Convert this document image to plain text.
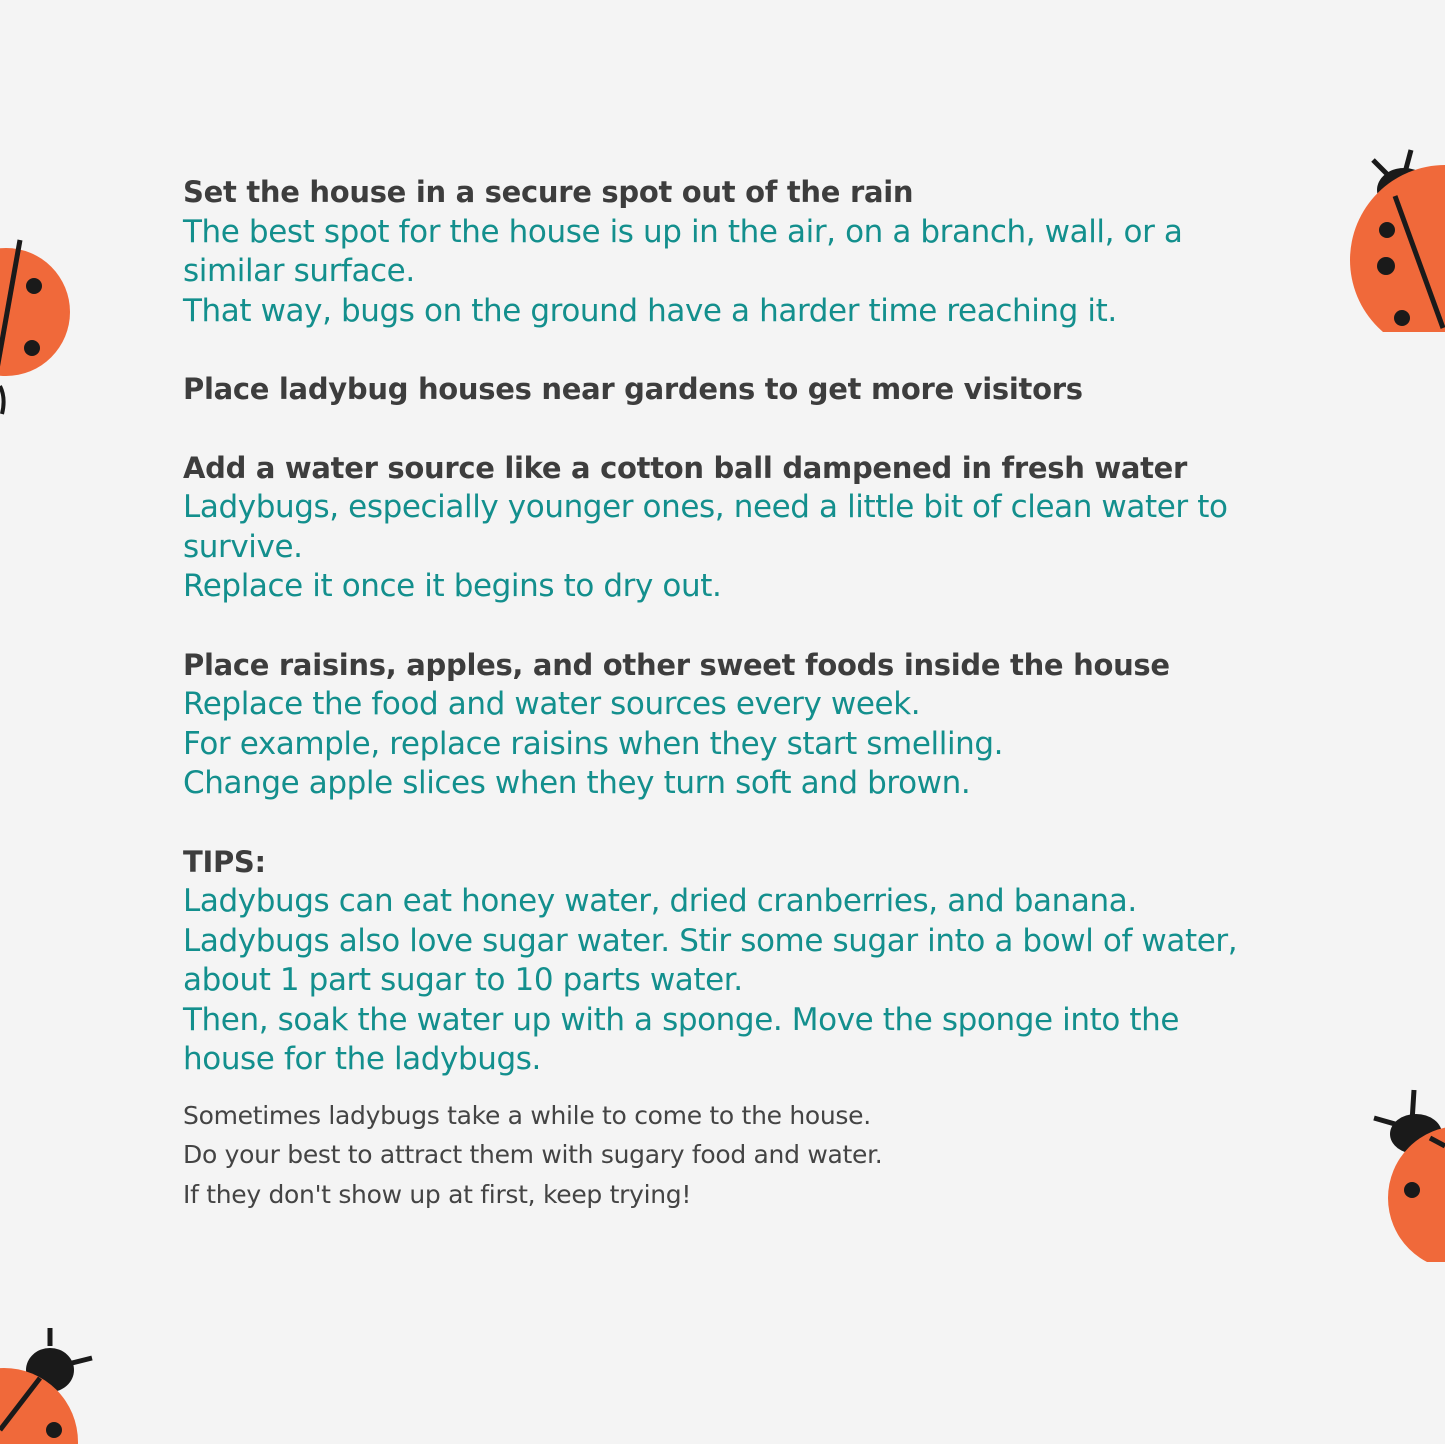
Set the house in a secure spot out of the rain
The best spot for the house is up in the air, on a branch, wall, or a
similar surface.
That way, bugs on the ground have a harder time reaching it.
Place ladybug houses near gardens to get more visitors
Add a water source like a cotton ball dampened in fresh water
Ladybugs, especially younger ones, need a little bit of clean water to
survive.
Replace it once it begins to dry out.
Place raisins, apples, and other sweet foods inside the house
Replace the food and water sources every week.
For example, replace raisins when they start smelling.
Change apple slices when they turn soft and brown.
TIPS:
Ladybugs can eat honey water, dried cranberries, and banana.
Ladybugs also love sugar water. Stir some sugar into a bowl of water,
about 1 part sugar to 10 parts water.
Then, soak the water up with a sponge. Move the sponge into the
house for the ladybugs.
Sometimes ladybugs take a while to come to the house.
Do your best to attract them with sugary food and water.
If they don't show up at first, keep trying!
